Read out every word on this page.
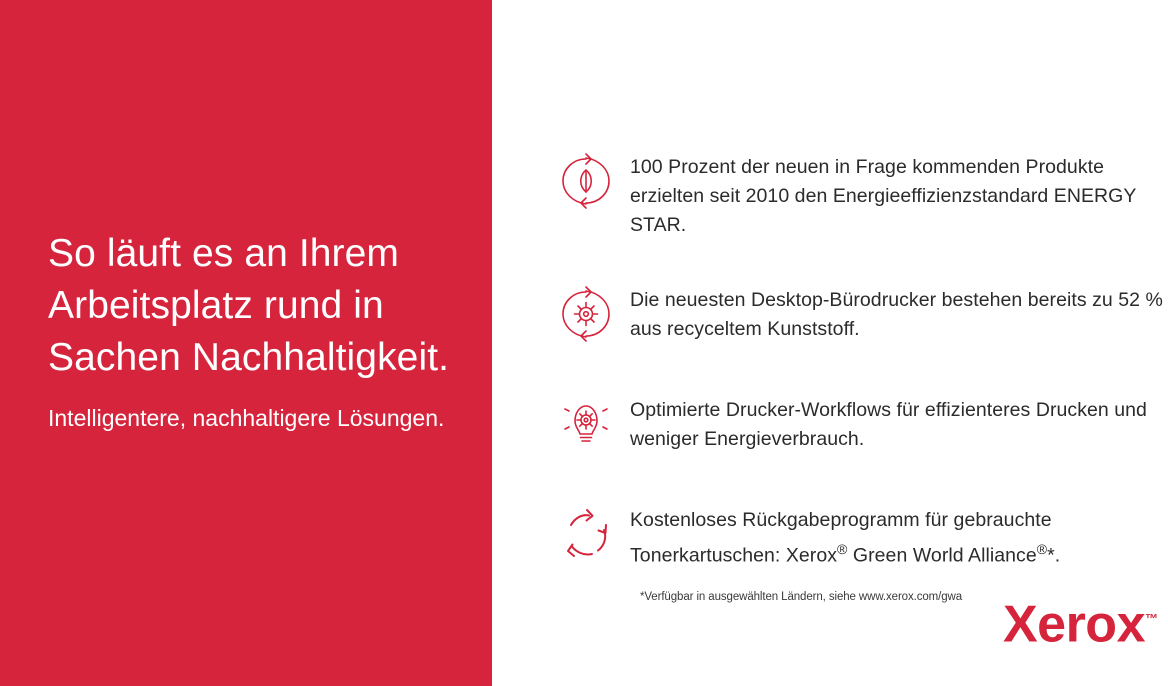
So läuft es an Ihrem Arbeitsplatz rund in Sachen Nachhaltigkeit.
Intelligentere, nachhaltigere Lösungen.
100 Prozent der neuen in Frage kommenden Produkte erzielten seit 2010 den Energieeffizienzstandard ENERGY STAR.
Die neuesten Desktop-Bürodrucker bestehen bereits zu 52 % aus recyceltem Kunststoff.
Optimierte Drucker-Workflows für effizienteres Drucken und weniger Energieverbrauch.
Kostenloses Rückgabeprogramm für gebrauchte Tonerkartuschen: Xerox® Green World Alliance®*.
*Verfügbar in ausgewählten Ländern, siehe www.xerox.com/gwa Xerox™
